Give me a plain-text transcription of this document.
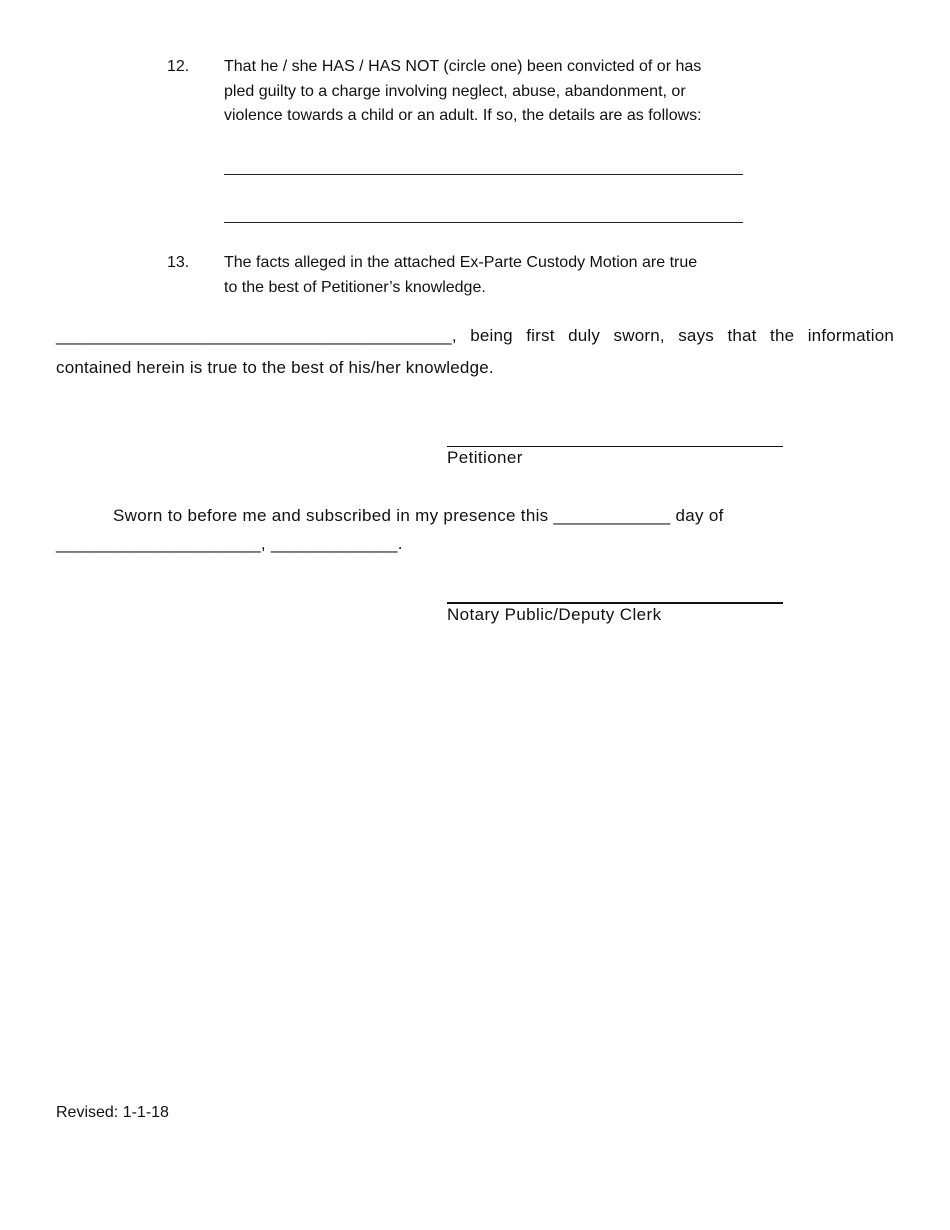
12.	That he / she HAS / HAS NOT (circle one) been convicted of or has
pled guilty to a charge involving neglect, abuse, abandonment, or
violence towards a child or an adult. If so, the details are as follows:
13.	The facts alleged in the attached Ex-Parte Custody Motion are true
to the best of Petitioner’s knowledge.
_________________________________________, being first duly sworn, says that the information
contained herein is true to the best of his/her knowledge.
Petitioner
Sworn to before me and subscribed in my presence this ____________ day of
_____________________, _____________.
Notary Public/Deputy Clerk
Revised: 1-1-18
